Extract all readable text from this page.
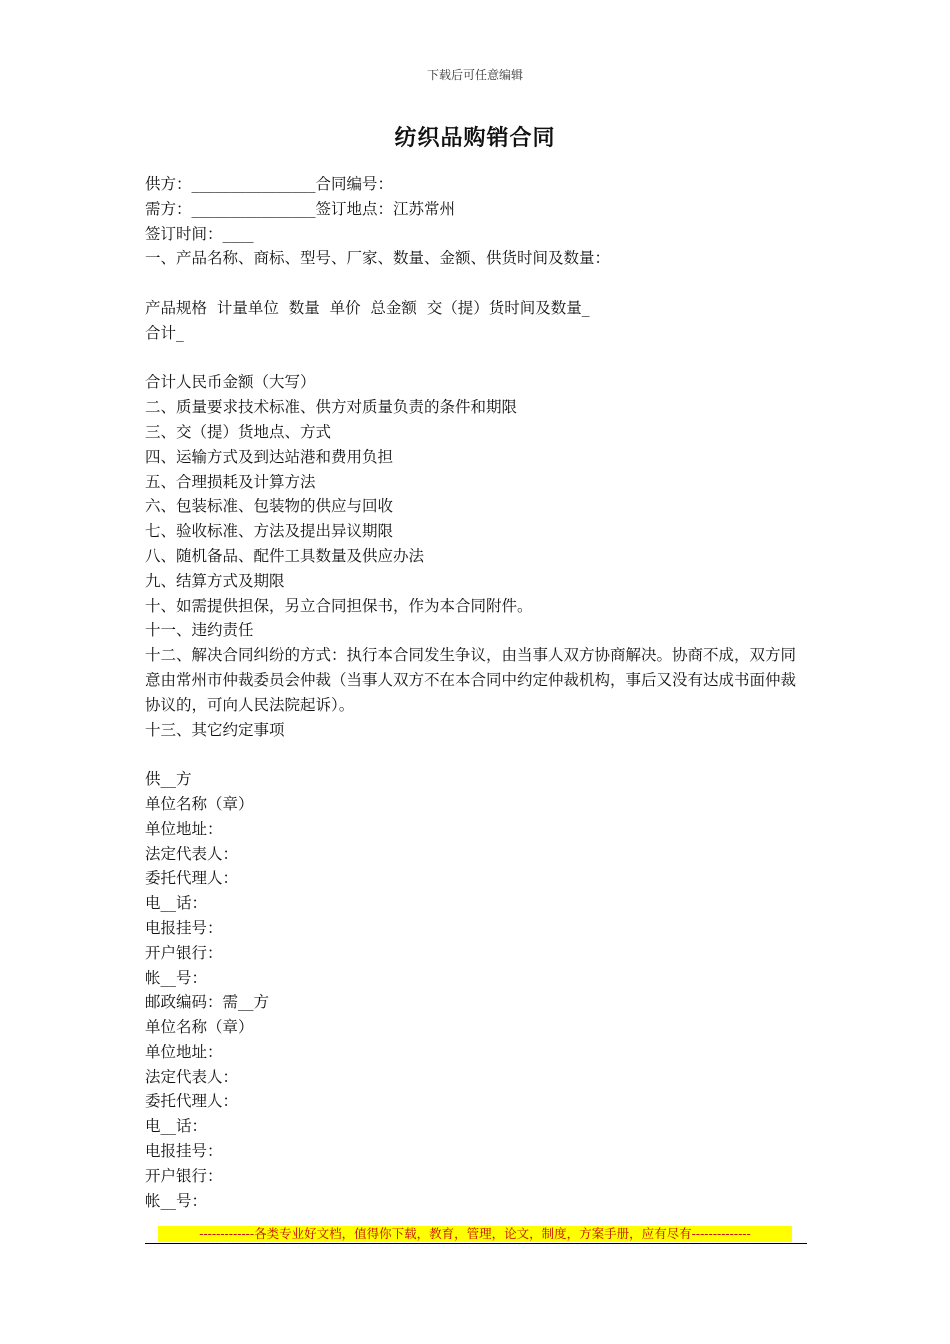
下载后可任意编辑
纺织品购销合同
供方：________________合同编号：
需方：________________签订地点：江苏常州
签订时间：____
一、产品名称、商标、型号、厂家、数量、金额、供货时间及数量：
产品规格  计量单位  数量  单价  总金额  交（提）货时间及数量_
合计_
合计人民币金额（大写）
二、质量要求技术标准、供方对质量负责的条件和期限
三、交（提）货地点、方式
四、运输方式及到达站港和费用负担
五、合理损耗及计算方法
六、包装标准、包装物的供应与回收
七、验收标准、方法及提出异议期限
八、随机备品、配件工具数量及供应办法
九、结算方式及期限
十、如需提供担保，另立合同担保书，作为本合同附件。
十一、违约责任
十二、解决合同纠纷的方式：执行本合同发生争议，由当事人双方协商解决。协商不成，双方同意由常州市仲裁委员会仲裁（当事人双方不在本合同中约定仲裁机构，事后又没有达成书面仲裁协议的，可向人民法院起诉）。
十三、其它约定事项
供__方
单位名称（章）
单位地址：
法定代表人：
委托代理人：
电__话：
电报挂号：
开户银行：
帐__号：
邮政编码：需__方
单位名称（章）
单位地址：
法定代表人：
委托代理人：
电__话：
电报挂号：
开户银行：
帐__号：
-------------各类专业好文档，值得你下载，教育，管理，论文，制度，方案手册，应有尽有--------------
